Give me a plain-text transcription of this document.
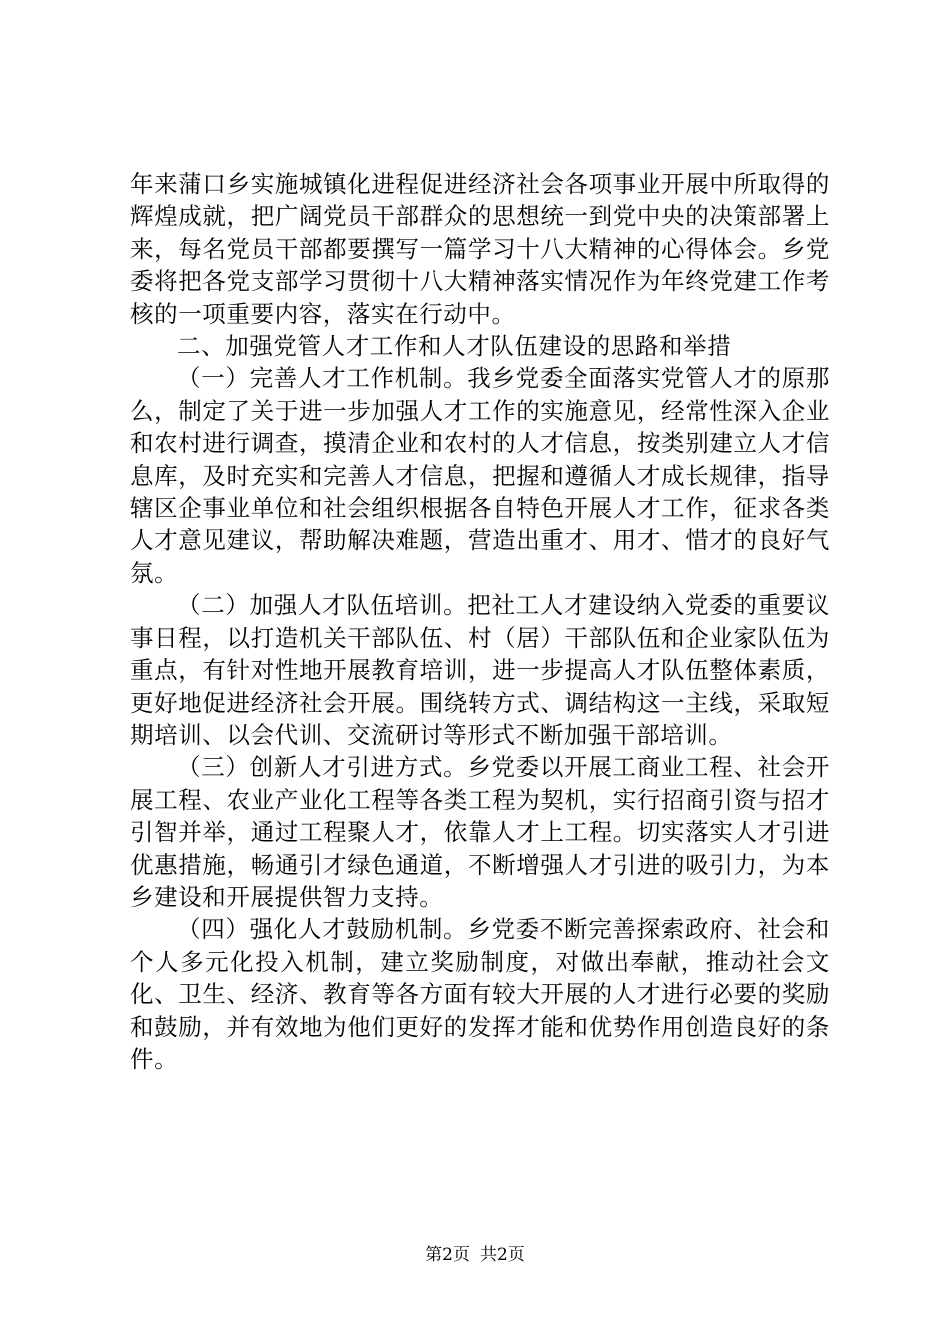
年来蒲口乡实施城镇化进程促进经济社会各项事业开展中所取得的辉煌成就，把广阔党员干部群众的思想统一到党中央的决策部署上来，每名党员干部都要撰写一篇学习十八大精神的心得体会。乡党委将把各党支部学习贯彻十八大精神落实情况作为年终党建工作考核的一项重要内容，落实在行动中。

二、加强党管人才工作和人才队伍建设的思路和举措

（一）完善人才工作机制。我乡党委全面落实党管人才的原那么，制定了关于进一步加强人才工作的实施意见，经常性深入企业和农村进行调查，摸清企业和农村的人才信息，按类别建立人才信息库，及时充实和完善人才信息，把握和遵循人才成长规律，指导辖区企事业单位和社会组织根据各自特色开展人才工作，征求各类人才意见建议，帮助解决难题，营造出重才、用才、惜才的良好气氛。

（二）加强人才队伍培训。把社工人才建设纳入党委的重要议事日程，以打造机关干部队伍、村（居）干部队伍和企业家队伍为重点，有针对性地开展教育培训，进一步提高人才队伍整体素质，更好地促进经济社会开展。围绕转方式、调结构这一主线，采取短期培训、以会代训、交流研讨等形式不断加强干部培训。

（三）创新人才引进方式。乡党委以开展工商业工程、社会开展工程、农业产业化工程等各类工程为契机，实行招商引资与招才引智并举，通过工程聚人才，依靠人才上工程。切实落实人才引进优惠措施，畅通引才绿色通道，不断增强人才引进的吸引力，为本乡建设和开展提供智力支持。

（四）强化人才鼓励机制。乡党委不断完善探索政府、社会和个人多元化投入机制，建立奖励制度，对做出奉献，推动社会文化、卫生、经济、教育等各方面有较大开展的人才进行必要的奖励和鼓励，并有效地为他们更好的发挥才能和优势作用创造良好的条件。

第2页 共2页
